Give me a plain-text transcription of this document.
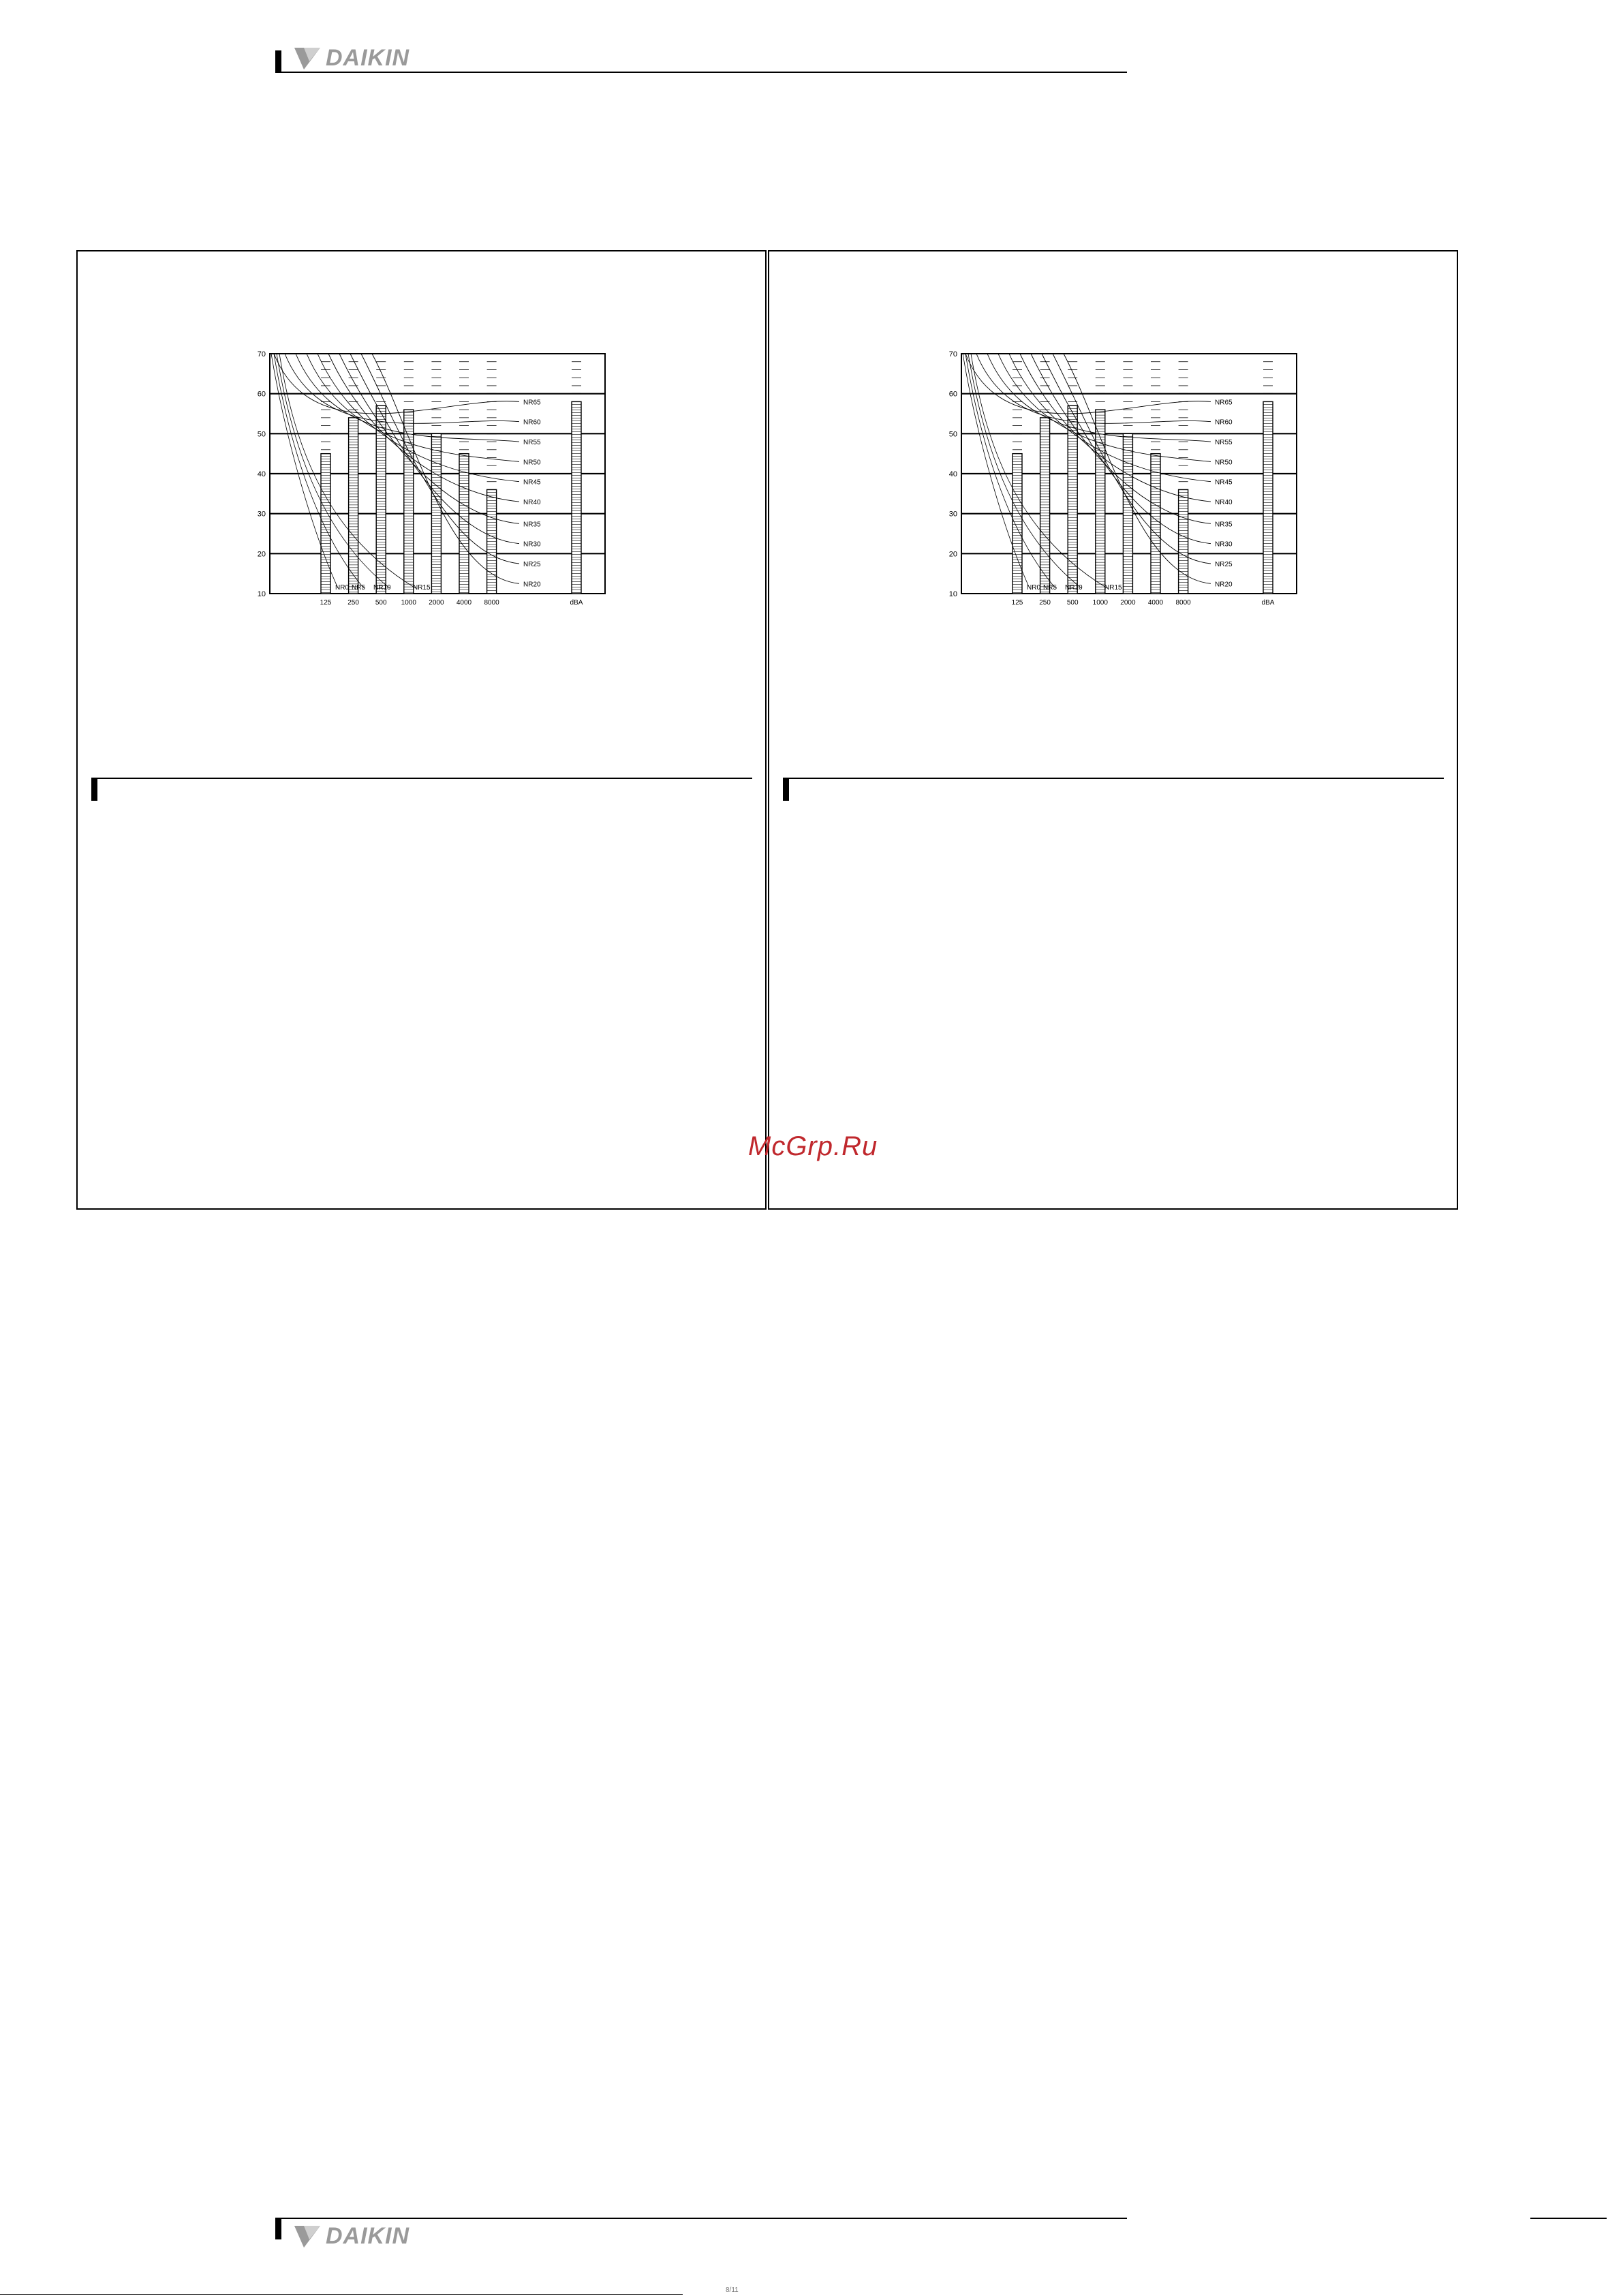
DAIKIN
10
20
30
40
50
60
70
NR65
NR60
NR55
NR50
NR45
NR40
NR35
NR30
NR25
NR20
NR0 NR5 NR10	NR15
125 250 500 1000 2000 4000 8000	dBA
10
20
30
40
50
60
70
NR65
NR60
NR55
NR50
NR45
NR40
NR35
NR30
NR25
NR20
NR0 NR5 NR10	NR15
125 250 500 1000 2000 4000 8000	dBA
McGrp.Ru
DAIKIN
8/11
